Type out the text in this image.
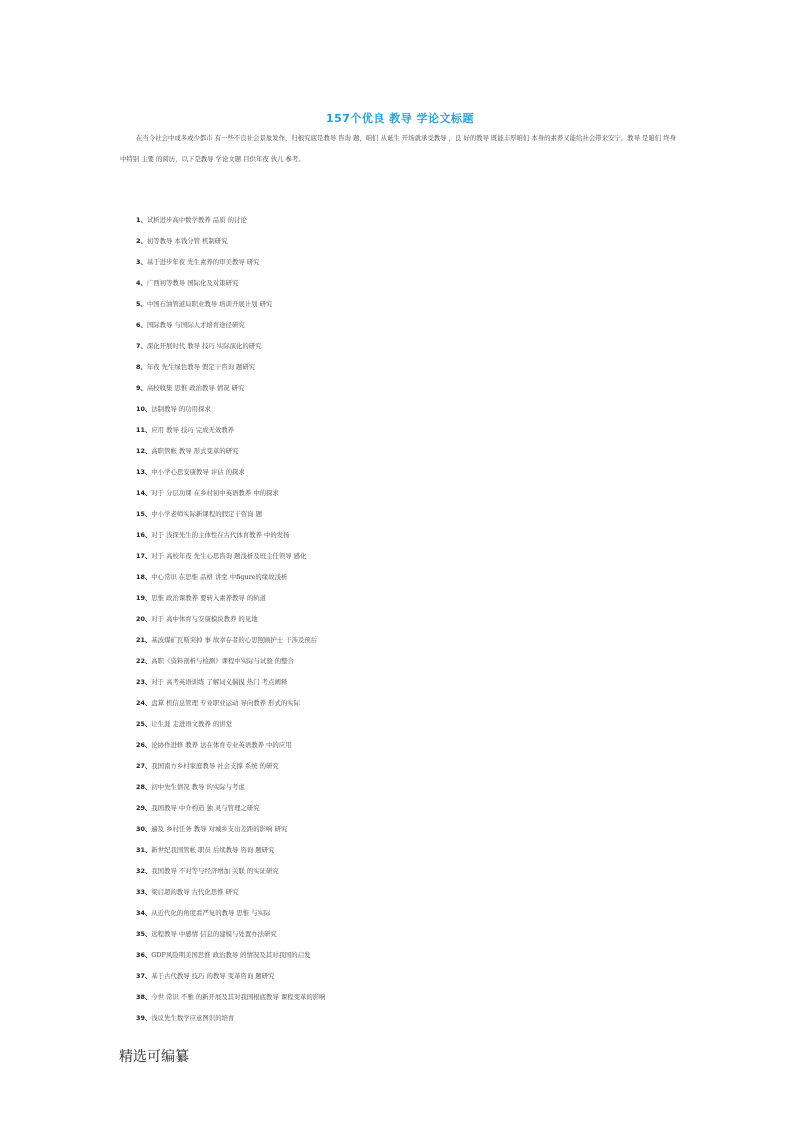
157个优良 教导 学论文标题
在当今社会中或多或少都市 有一些不良社会景象发作，归根究底是教导 咨询 题，咱们 从诞生 开场就承受教导 ，良 好的教导 既能丰厚咱们 本身的素养又能给社会带来安宁，教导 是咱们 终身中特别 主要 的阅历，以下是教导 学论文题 目供年夜 伙儿 参考。
1、试析进步高中数学教养 品质 的讨论
2、初等教导 本钱分管 机制研究
3、基于进步年夜 先生素养的审美教导 研究
4、广西初等教导 国际化及对策研究
5、中国石油管道局职业教导 培训开展计划 研究
6、国际教导 与国际人才培育途径研究
7、深化开展时代 教导 技巧 实际演化的研究
8、年夜 先生绿色教导 假定干咨询 题研究
9、高校收集 思惟 政治教导 情况 研究
10、法制教导 的功用探求
11、应用 教导 技巧 完成无效教养
12、高职管帐 教导 形式变革的研究
13、中小学心思安康教导 评估 的探求
14、对于 分层功课 在乡村初中英语教养 中的探求
15、中小学老师实际新课程的假定干咨询 题
16、对于 浅探先生的主体性在古代体育教养 中的发扬
17、对于 高校年夜 先生心思咨询 题浅析及班主任领导 感化
18、中心常识 在思惟 品格 讲堂 中figure的缘故浅析
19、思惟 政治课教养 要转入素养教导 的轨道
20、对于 高中体育与安康模块教养 的见地
21、基波煤矿瓦斯突掉 事 故幸存者的心思照顾护士 干涉及预后
22、高职《资料剖析与检测》课程中实际与试验 的整合
23、对于 高考英语训练 了解词义揣摸 热门 考点阐释
24、盘算 机信息管理 专业职业运动 导向教养 形式的实际
25、让生涯 走进语文教养 的讲堂
26、论协作进修 教养 法在体育专业英语教养 中的应用
27、我国南方乡村家庭教导 社会支撑 系统 的研究
28、初中先生情况 教导 的实际与考虑
29、我国教导 中介构造 独 灵与管理之研究
30、遍及 乡村任务 教导 对城乡支出差距的影响 研究
31、新世纪我国管帐 职员 后续教导 咨询 题研究
32、我国教导 不对等与经济增加 关联 的实证研究
33、梁启超的教导 古代化思惟 研究
34、从近代化的角度看严复的教导 思惟 与实际
35、远程教导 中感情 信息的建模与处置办法研究
36、GDP风险期美国思惟 政治教导 的情况及其对我国的启发
37、基于古代教导 技巧 的教导 变革咨询 题研究
38、今世 常识 不雅 的新开展及其对我国根底教导 课程变革的影响
39、浅议先生数学应意图识的培育
精选可编纂
